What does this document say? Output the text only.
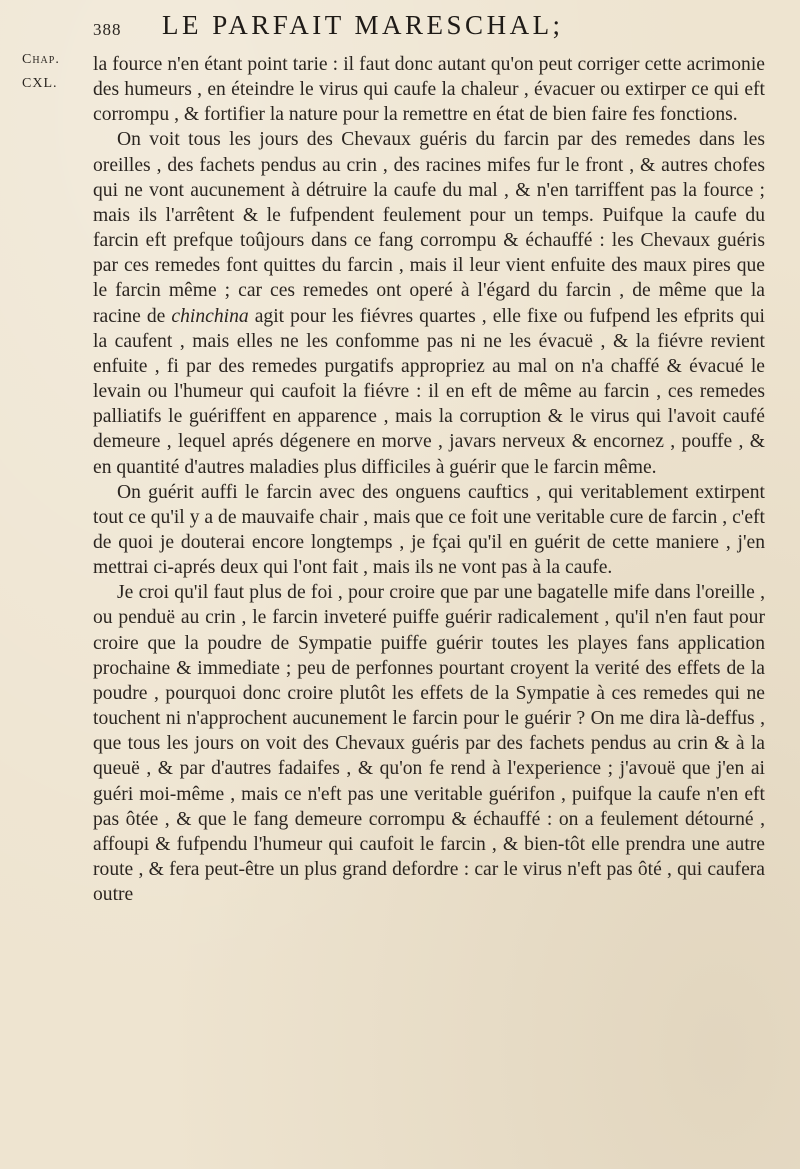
388 LE PARFAIT MARESCHAL;
Chap.
CXL.

la fource n'en étant point tarie : il faut donc autant qu'on peut corriger cette acrimonie des humeurs , en éteindre le virus qui caufe la chaleur , évacuer ou extirper ce qui eft corrompu , & fortifier la nature pour la remettre en état de bien faire fes fonctions.

On voit tous les jours des Chevaux guéris du farcin par des remedes dans les oreilles , des fachets pendus au crin , des racines mifes fur le front , & autres chofes qui ne vont aucunement à détruire la caufe du mal , & n'en tarriffent pas la fource ; mais ils l'arrêtent & le fufpendent feulement pour un temps. Puifque la caufe du farcin eft prefque toûjours dans ce fang corrompu & échauffé : les Chevaux guéris par ces remedes font quittes du farcin , mais il leur vient enfuite des maux pires que le farcin même ; car ces remedes ont operé à l'égard du farcin , de même que la racine de chinchina agit pour les fiévres quartes , elle fixe ou fufpend les efprits qui la caufent , mais elles ne les confomme pas ni ne les évacuë , & la fiévre revient enfuite , fi par des remedes purgatifs appropriez au mal on n'a chaffé & évacué le levain ou l'humeur qui caufoit la fiévre : il en eft de même au farcin , ces remedes palliatifs le guériffent en apparence , mais la corruption & le virus qui l'avoit caufé demeure , lequel aprés dégenere en morve , javars nerveux & encornez , pouffe , & en quantité d'autres maladies plus difficiles à guérir que le farcin même.

On guérit auffi le farcin avec des onguens cauftics , qui veritablement extirpent tout ce qu'il y a de mauvaife chair , mais que ce foit une veritable cure de farcin , c'eft de quoi je douterai encore longtemps , je fçai qu'il en guérit de cette maniere , j'en mettrai ci-aprés deux qui l'ont fait , mais ils ne vont pas à la caufe.

Je croi qu'il faut plus de foi , pour croire que par une bagatelle mife dans l'oreille , ou penduë au crin , le farcin inveteré puiffe guérir radicalement , qu'il n'en faut pour croire que la poudre de Sympatie puiffe guérir toutes les playes fans application prochaine & immediate ; peu de perfonnes pourtant croyent la verité des effets de la poudre , pourquoi donc croire plutôt les effets de la Sympatie à ces remedes qui ne touchent ni n'approchent aucunement le farcin pour le guérir ? On me dira là-deffus , que tous les jours on voit des Chevaux guéris par des fachets pendus au crin & à la queuë , & par d'autres fadaifes , & qu'on fe rend à l'experience ; j'avouë que j'en ai guéri moi-même , mais ce n'eft pas une veritable guérifon , puifque la caufe n'en eft pas ôtée , & que le fang demeure corrompu & échauffé : on a feulement détourné , affoupi & fufpendu l'humeur qui caufoit le farcin , & bien-tôt elle prendra une autre route , & fera peut-être un plus grand defordre : car le virus n'eft pas ôté , qui caufera outre
